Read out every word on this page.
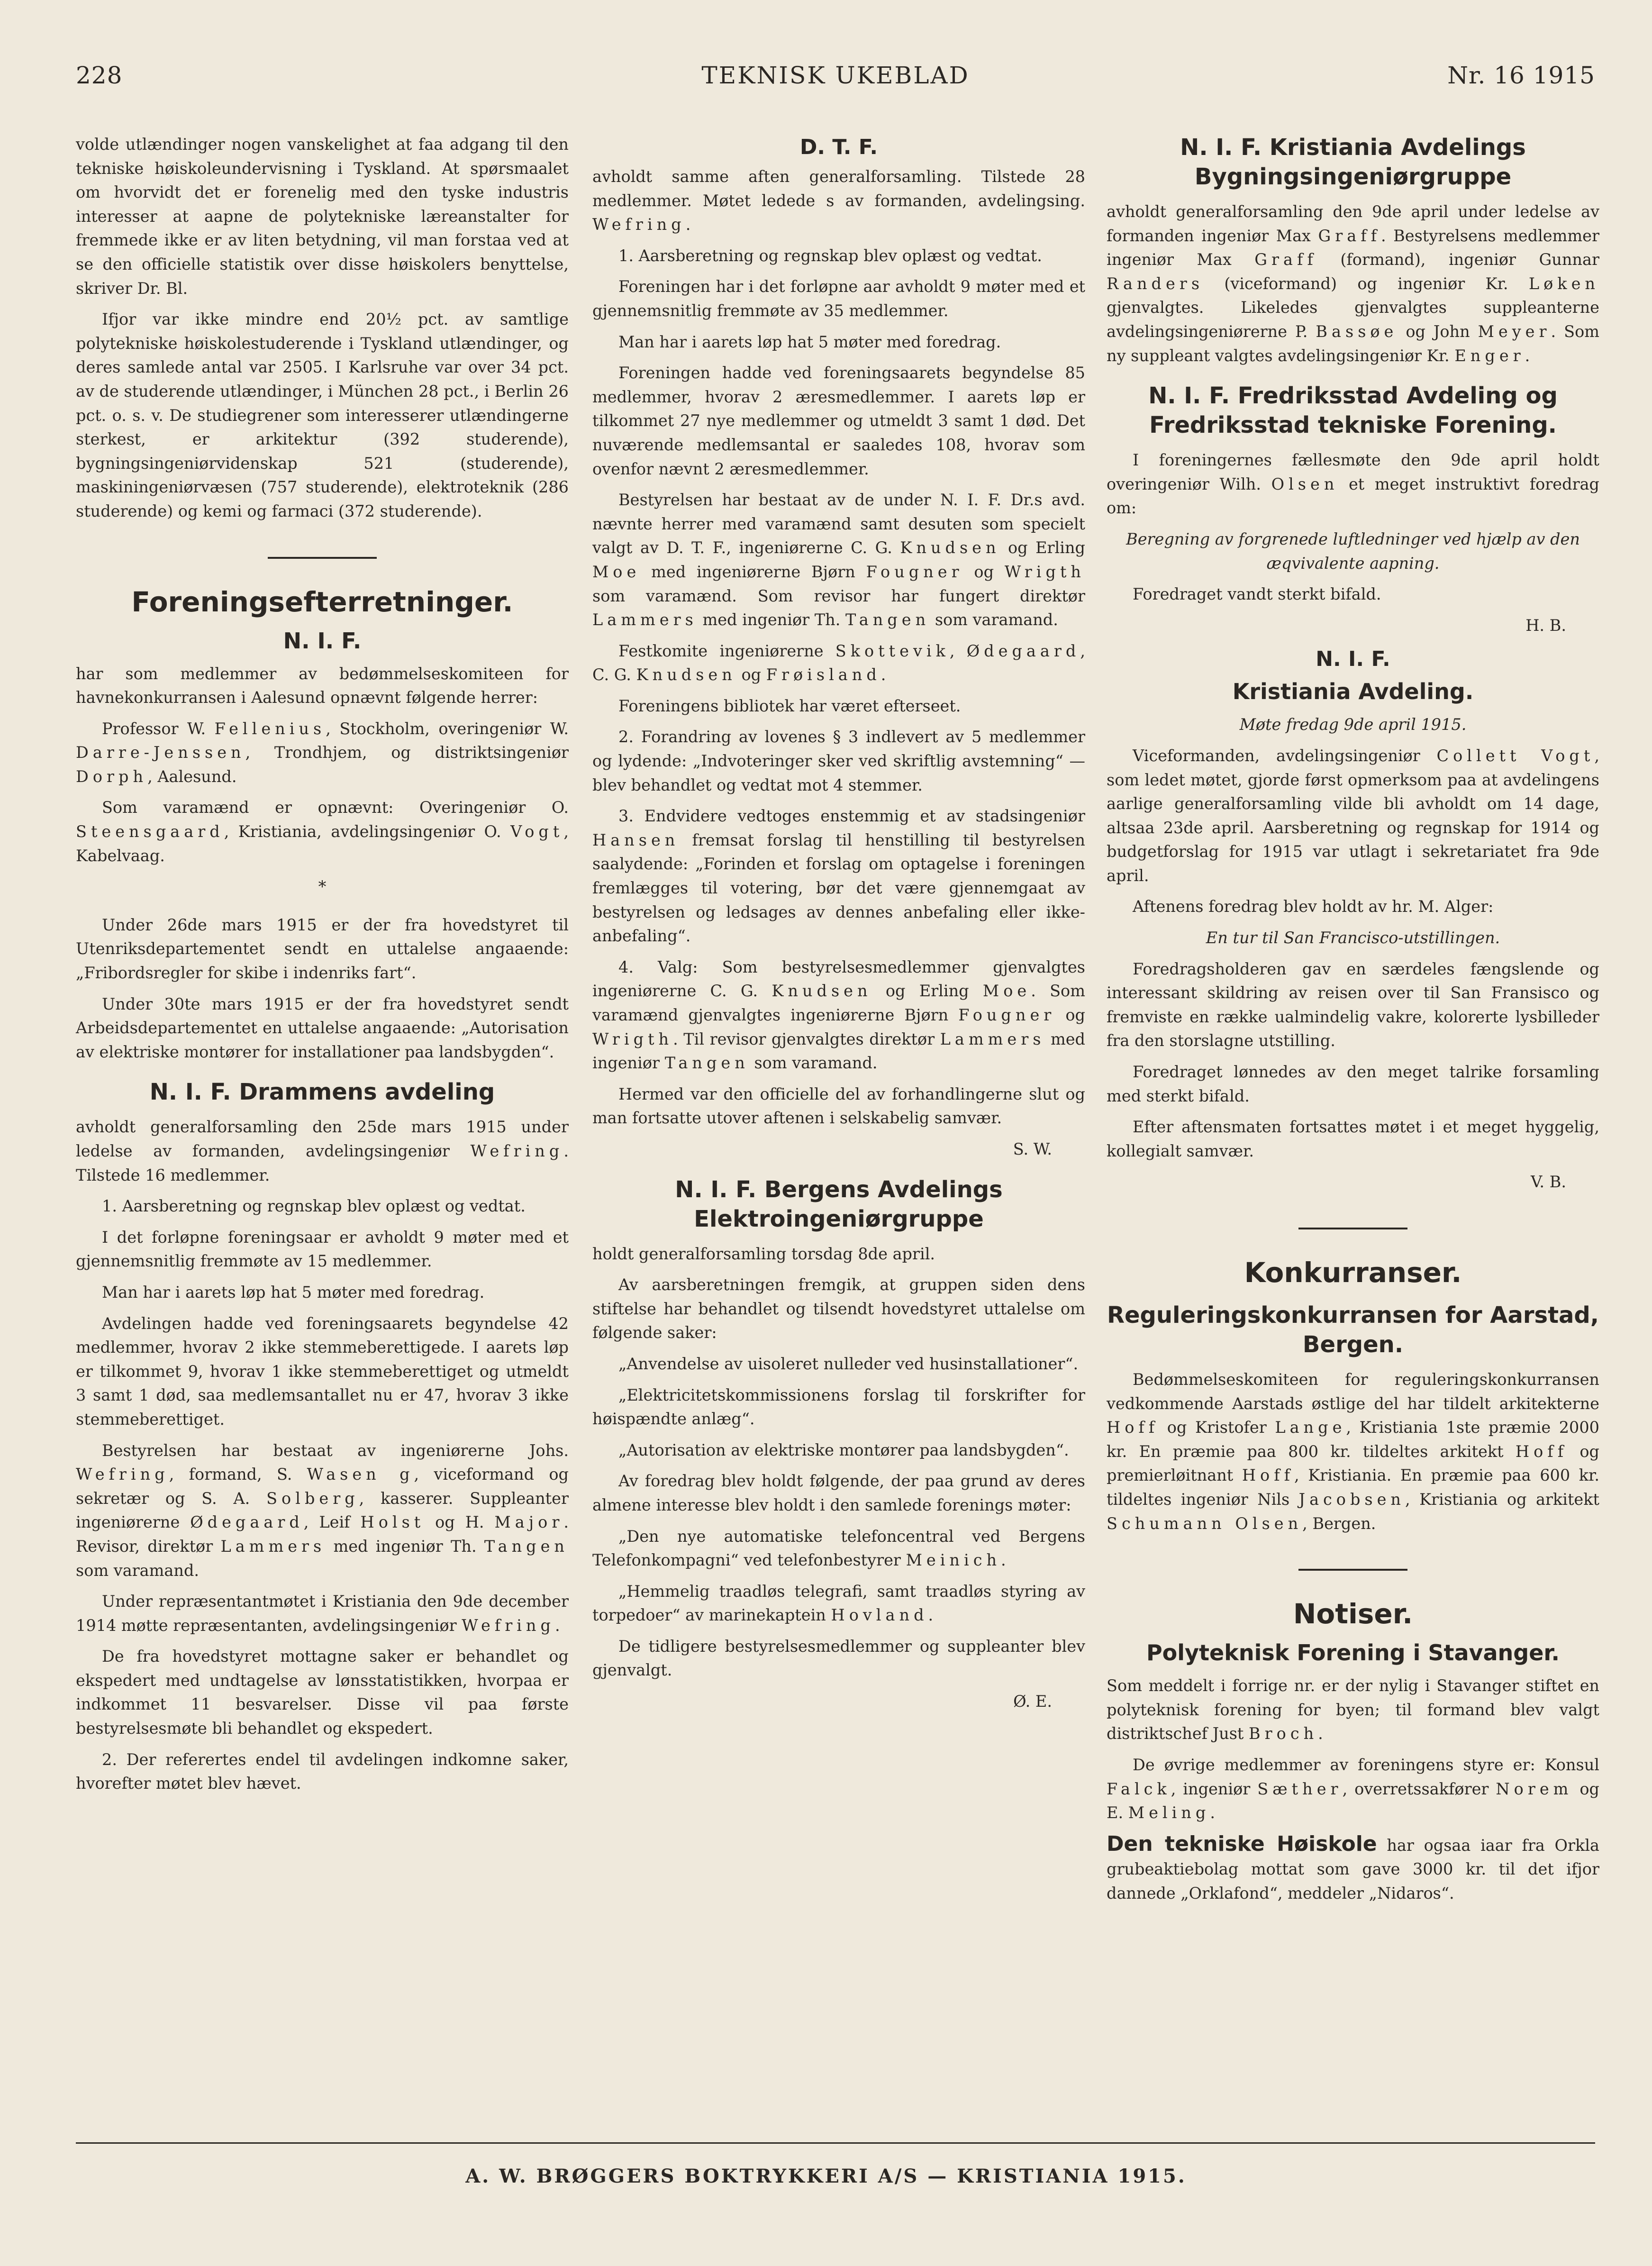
228	TEKNISK UKEBLAD	Nr. 16 1915

volde utlændinger nogen vanskelighet at faa adgang til den tekniske høiskoleundervisning i Tyskland. At spørsmaalet om hvorvidt det er forenelig med den tyske industris interesser at aapne de polytekniske læreanstalter for fremmede ikke er av liten betydning, vil man forstaa ved at se den officielle statistik over disse høiskolers benyttelse, skriver Dr. Bl.

Ifjor var ikke mindre end 20½ pct. av samtlige polytekniske høiskolestuderende i Tyskland utlændinger, og deres samlede antal var 2505. I Karlsruhe var over 34 pct. av de studerende utlændinger, i München 28 pct., i Berlin 26 pct. o. s. v. De studiegrener som interesserer utlændingerne sterkest, er arkitektur (392 studerende), bygningsingeniørvidenskap 521 (studerende), maskiningeniørvæsen (757 studerende), elektroteknik (286 studerende) og kemi og farmaci (372 studerende).

Foreningsefterretninger.
N. I. F.

har som medlemmer av bedømmelseskomiteen for havnekonkurransen i Aalesund opnævnt følgende herrer:

Professor W. Fellenius, Stockholm, overingeniør W. Darre-Jenssen, Trondhjem, og distriktsingeniør Dorph, Aalesund.

Som varamænd er opnævnt: Overingeniør O. Steensgaard, Kristiania, avdelingsingeniør O. Vogt, Kabelvaag.

*

Under 26de mars 1915 er der fra hovedstyret til Utenriksdepartementet sendt en uttalelse angaaende: „Fribordsregler for skibe i indenriks fart“.

Under 30te mars 1915 er der fra hovedstyret sendt Arbeidsdepartementet en uttalelse angaaende: „Autorisation av elektriske montører for installationer paa landsbygden“.

N. I. F. Drammens avdeling

avholdt generalforsamling den 25de mars 1915 under ledelse av formanden, avdelingsingeniør Wefring. Tilstede 16 medlemmer.

1. Aarsberetning og regnskap blev oplæst og vedtat.

I det forløpne foreningsaar er avholdt 9 møter med et gjennemsnitlig fremmøte av 15 medlemmer.

Man har i aarets løp hat 5 møter med foredrag.

Avdelingen hadde ved foreningsaarets begyndelse 42 medlemmer, hvorav 2 ikke stemmeberettigede. I aarets løp er tilkommet 9, hvorav 1 ikke stemmeberettiget og utmeldt 3 samt 1 død, saa medlemsantallet nu er 47, hvorav 3 ikke stemmeberettiget.

Bestyrelsen har bestaat av ingeniørerne Johs. Wefring, formand, S. Wasen g, viceformand og sekretær og S. A. Solberg, kasserer. Suppleanter ingeniørerne Ødegaard, Leif Holst og H. Major. Revisor, direktør Lammers med ingeniør Th. Tangen som varamand.

Under repræsentantmøtet i Kristiania den 9de december 1914 møtte repræsentanten, avdelingsingeniør Wefring.

De fra hovedstyret mottagne saker er behandlet og ekspedert med undtagelse av lønsstatistikken, hvorpaa er indkommet 11 besvarelser. Disse vil paa første bestyrelsesmøte bli behandlet og ekspedert.

2. Der referertes endel til avdelingen indkomne saker, hvorefter møtet blev hævet.

D. T. F.

avholdt samme aften generalforsamling. Tilstede 28 medlemmer. Møtet ledede s av formanden, avdelingsing. Wefring.

1. Aarsberetning og regnskap blev oplæst og vedtat.

Foreningen har i det forløpne aar avholdt 9 møter med et gjennemsnitlig fremmøte av 35 medlemmer.

Man har i aarets løp hat 5 møter med foredrag.

Foreningen hadde ved foreningsaarets begyndelse 85 medlemmer, hvorav 2 æresmedlemmer. I aarets løp er tilkommet 27 nye medlemmer og utmeldt 3 samt 1 død. Det nuværende medlemsantal er saaledes 108, hvorav som ovenfor nævnt 2 æresmedlemmer.

Bestyrelsen har bestaat av de under N. I. F. Dr.s avd. nævnte herrer med varamænd samt desuten som specielt valgt av D. T. F., ingeniørerne C. G. Knudsen og Erling Moe med ingeniørerne Bjørn Fougner og Wrigth som varamænd. Som revisor har fungert direktør Lammers med ingeniør Th. Tangen som varamand.

Festkomite ingeniørerne Skottevik, Ødegaard, C. G. Knudsen og Frøisland.

Foreningens bibliotek har været efterseet.

2. Forandring av lovenes § 3 indlevert av 5 medlemmer og lydende: „Indvoteringer sker ved skriftlig avstemning“ — blev behandlet og vedtat mot 4 stemmer.

3. Endvidere vedtoges enstemmig et av stadsingeniør Hansen fremsat forslag til henstilling til bestyrelsen saalydende: „Forinden et forslag om optagelse i foreningen fremlægges til votering, bør det være gjennemgaat av bestyrelsen og ledsages av dennes anbefaling eller ikke-anbefaling“.

4. Valg: Som bestyrelsesmedlemmer gjenvalgtes ingeniørerne C. G. Knudsen og Erling Moe. Som varamænd gjenvalgtes ingeniørerne Bjørn Fougner og Wrigth. Til revisor gjenvalgtes direktør Lammers med ingeniør Tangen som varamand.

Hermed var den officielle del av forhandlingerne slut og man fortsatte utover aftenen i selskabelig samvær.

S. W.

N. I. F. Bergens Avdelings Elektroingeniørgruppe

holdt generalforsamling torsdag 8de april.

Av aarsberetningen fremgik, at gruppen siden dens stiftelse har behandlet og tilsendt hovedstyret uttalelse om følgende saker:

„Anvendelse av uisoleret nulleder ved husinstallationer“.

„Elektricitetskommissionens forslag til forskrifter for høispændte anlæg“.

„Autorisation av elektriske montører paa landsbygden“.

Av foredrag blev holdt følgende, der paa grund av deres almene interesse blev holdt i den samlede forenings møter:

„Den nye automatiske telefoncentral ved Bergens Telefonkompagni“ ved telefonbestyrer Meinich.

„Hemmelig traadløs telegrafi, samt traadløs styring av torpedoer“ av marinekaptein Hovland.

De tidligere bestyrelsesmedlemmer og suppleanter blev gjenvalgt.

Ø. E.

N. I. F. Kristiania Avdelings Bygningsingeniørgruppe

avholdt generalforsamling den 9de april under ledelse av formanden ingeniør Max Graff. Bestyrelsens medlemmer ingeniør Max Graff (formand), ingeniør Gunnar Randers (viceformand) og ingeniør Kr. Løken gjenvalgtes. Likeledes gjenvalgtes suppleanterne avdelingsingeniørerne P. Bassøe og John Meyer. Som ny suppleant valgtes avdelingsingeniør Kr. Enger.

N. I. F. Fredriksstad Avdeling og Fredriksstad tekniske Forening.

I foreningernes fællesmøte den 9de april holdt overingeniør Wilh. Olsen et meget instruktivt foredrag om:

Beregning av forgrenede luftledninger ved hjælp av den æqvivalente aapning.

Foredraget vandt sterkt bifald.

H. B.

N. I. F.
Kristiania Avdeling.

Møte fredag 9de april 1915.

Viceformanden, avdelingsingeniør Collett Vogt, som ledet møtet, gjorde først opmerksom paa at avdelingens aarlige generalforsamling vilde bli avholdt om 14 dage, altsaa 23de april. Aarsberetning og regnskap for 1914 og budgetforslag for 1915 var utlagt i sekretariatet fra 9de april.

Aftenens foredrag blev holdt av hr. M. Alger:

En tur til San Francisco-utstillingen.

Foredragsholderen gav en særdeles fængslende og interessant skildring av reisen over til San Fransisco og fremviste en række ualmindelig vakre, kolorerte lysbilleder fra den storslagne utstilling.

Foredraget lønnedes av den meget talrike forsamling med sterkt bifald.

Efter aftensmaten fortsattes møtet i et meget hyggelig, kollegialt samvær.

V. B.

Konkurranser.
Reguleringskonkurransen for Aarstad, Bergen.

Bedømmelseskomiteen for reguleringskonkurransen vedkommende Aarstads østlige del har tildelt arkitekterne Hoff og Kristofer Lange, Kristiania 1ste præmie 2000 kr. En præmie paa 800 kr. tildeltes arkitekt Hoff og premierløitnant Hoff, Kristiania. En præmie paa 600 kr. tildeltes ingeniør Nils Jacobsen, Kristiania og arkitekt Schumann Olsen, Bergen.

Notiser.
Polyteknisk Forening i Stavanger.

Som meddelt i forrige nr. er der nylig i Stavanger stiftet en polyteknisk forening for byen; til formand blev valgt distriktschef Just Broch.

De øvrige medlemmer av foreningens styre er: Konsul Falck, ingeniør Sæther, overretssakfører Norem og E. Meling.

Den tekniske Høiskole har ogsaa iaar fra Orkla grubeaktiebolag mottat som gave 3000 kr. til det ifjor dannede „Orklafond“, meddeler „Nidaros“.

A. W. BRØGGERS BOKTRYKKERI A/S — KRISTIANIA 1915.
